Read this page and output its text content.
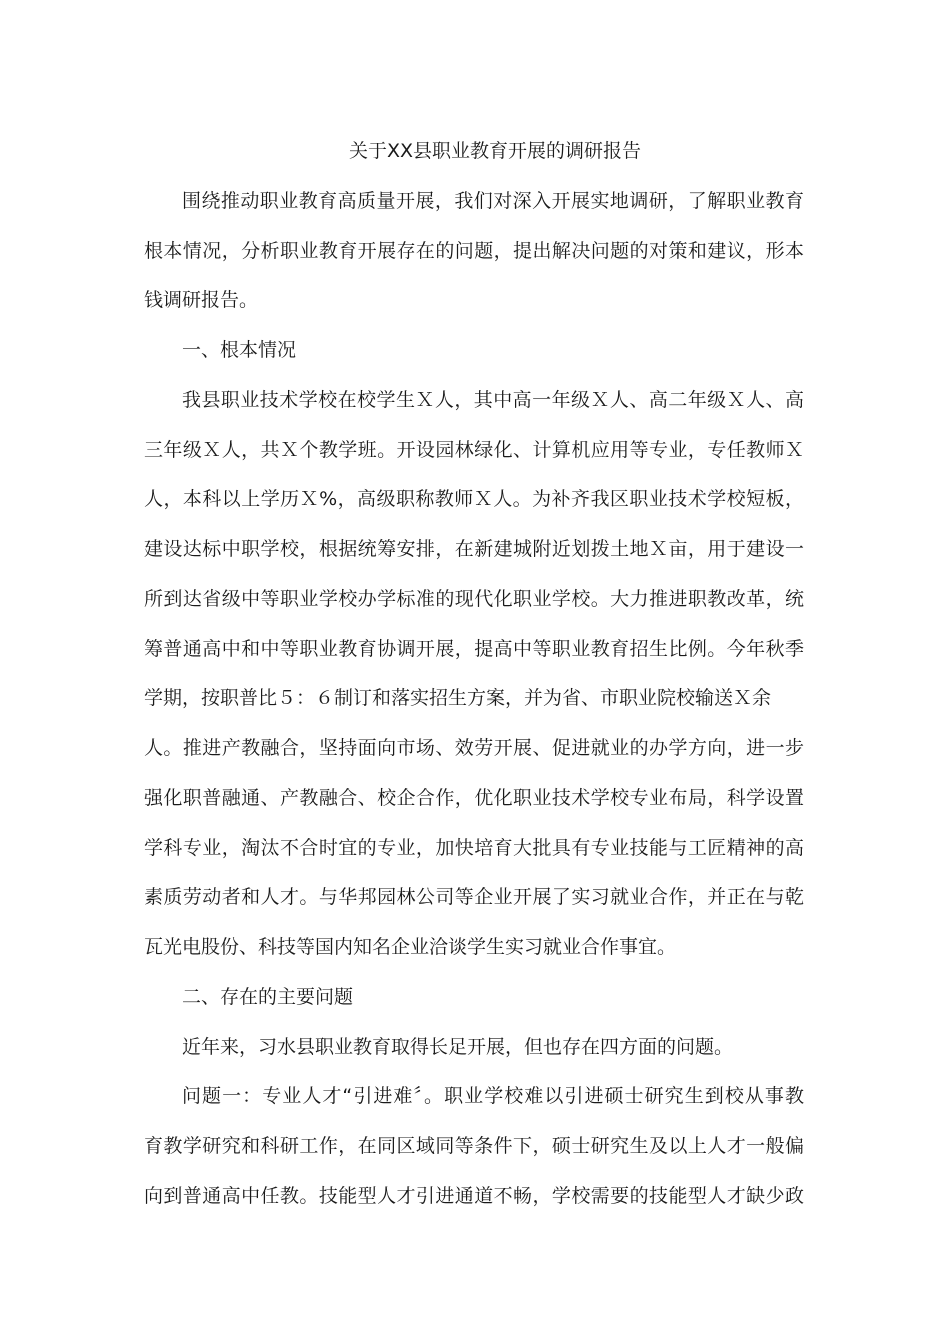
关于XX县职业教育开展的调研报告
围绕推动职业教育高质量开展，我们对深入开展实地调研，了解职业教育
根本情况，分析职业教育开展存在的问题，提出解决问题的对策和建议，形本
钱调研报告。
一、根本情况
我县职业技术学校在校学生Ｘ人，其中高一年级Ｘ人、高二年级Ｘ人、高
三年级Ｘ人，共Ｘ个教学班。开设园林绿化、计算机应用等专业，专任教师Ｘ
人，本科以上学历Ｘ%，高级职称教师Ｘ人。为补齐我区职业技术学校短板，
建设达标中职学校，根据统筹安排，在新建城附近划拨土地Ｘ亩，用于建设一
所到达省级中等职业学校办学标准的现代化职业学校。大力推进职教改革，统
筹普通高中和中等职业教育协调开展，提高中等职业教育招生比例。今年秋季
学期，按职普比５：６制订和落实招生方案，并为省、市职业院校输送Ｘ余
人。推进产教融合，坚持面向市场、效劳开展、促进就业的办学方向，进一步
强化职普融通、产教融合、校企合作，优化职业技术学校专业布局，科学设置
学科专业，淘汰不合时宜的专业，加快培育大批具有专业技能与工匠精神的高
素质劳动者和人才。与华邦园林公司等企业开展了实习就业合作，并正在与乾
瓦光电股份、科技等国内知名企业洽谈学生实习就业合作事宜。
二、存在的主要问题
近年来，习水县职业教育取得长足开展，但也存在四方面的问题。
问题一：专业人才“引进难〞。职业学校难以引进硕士研究生到校从事教
育教学研究和科研工作，在同区域同等条件下，硕士研究生及以上人才一般偏
向到普通高中任教。技能型人才引进通道不畅，学校需要的技能型人才缺少政
